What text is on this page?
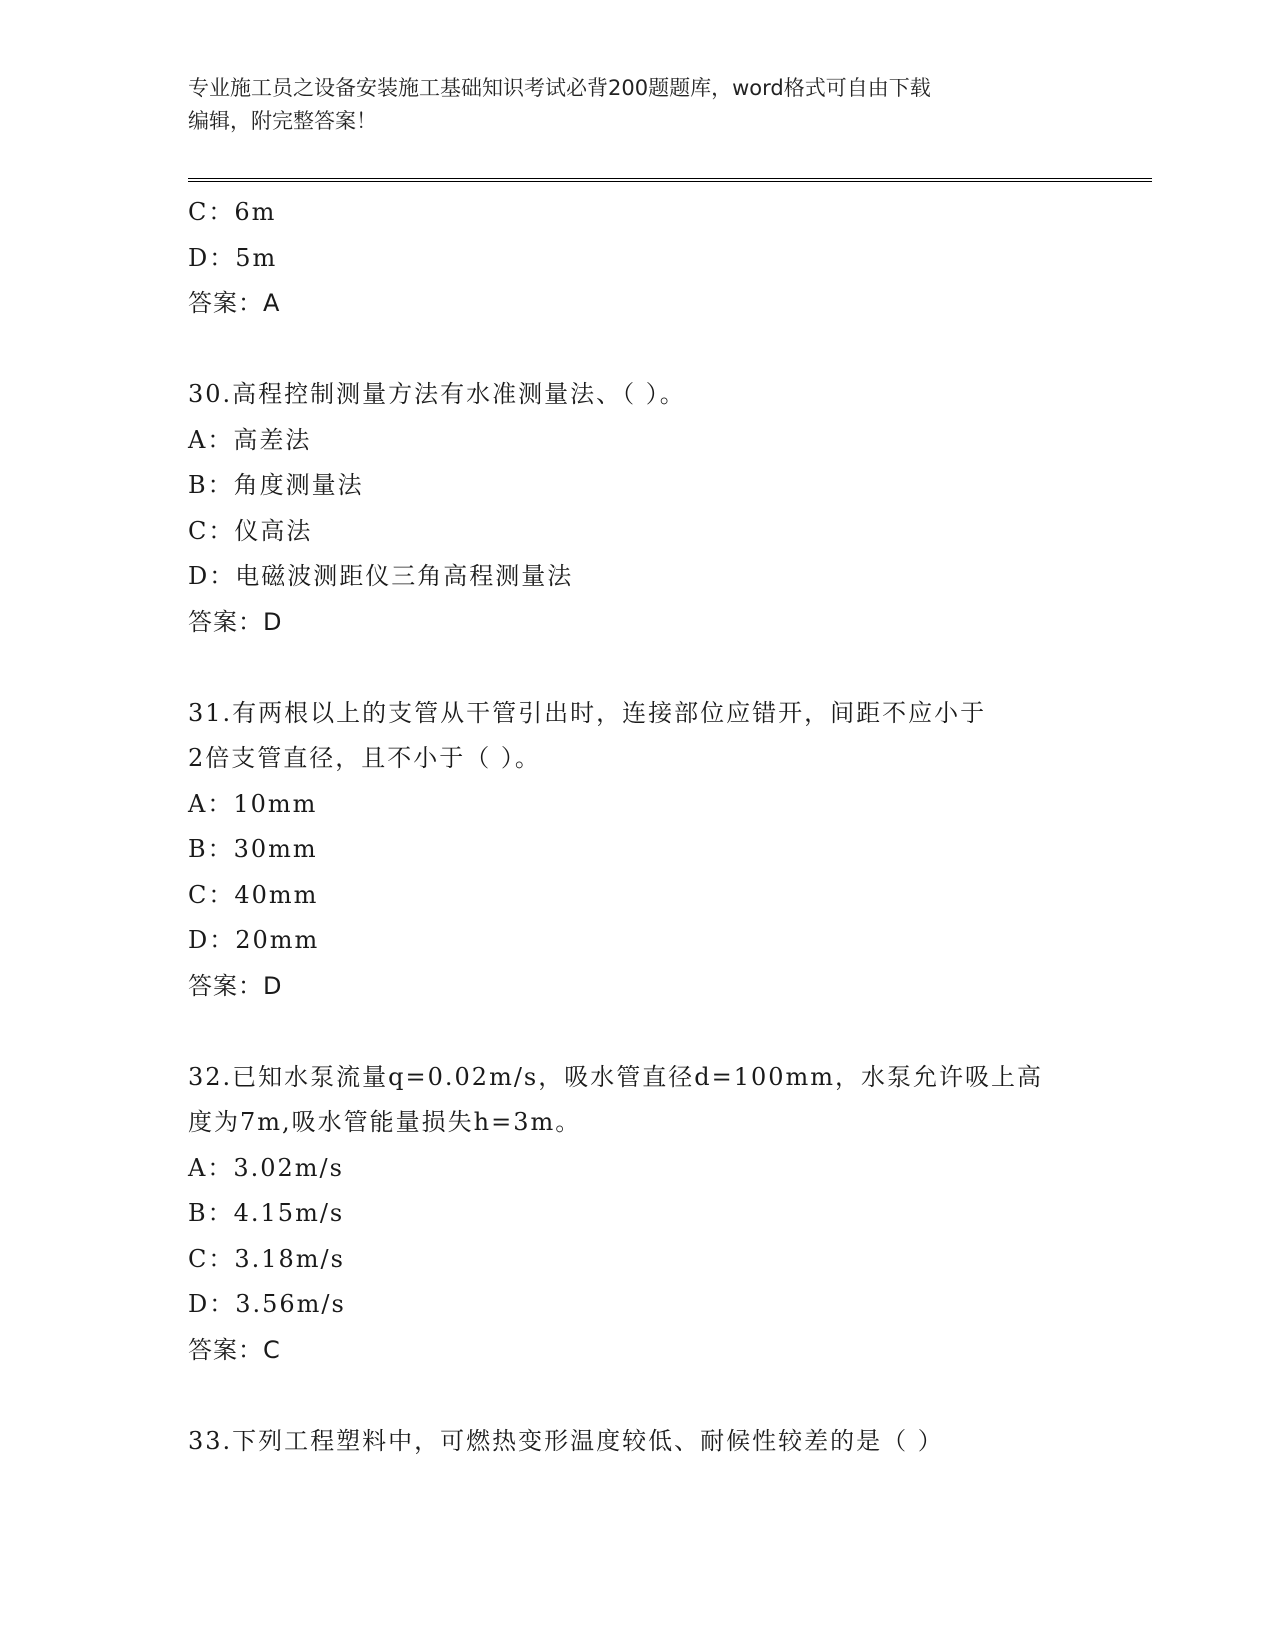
专业施工员之设备安装施工基础知识考试必背200题题库，word格式可自由下载
编辑，附完整答案！
C：6m
D：5m
答案：A
30.高程控制测量方法有水准测量法、（ ）。
A：高差法
B：角度测量法
C：仪高法
D：电磁波测距仪三角高程测量法
答案：D
31.有两根以上的支管从干管引出时，连接部位应错开，间距不应小于
2倍支管直径，且不小于（ ）。
A：10mm
B：30mm
C：40mm
D：20mm
答案：D
32.已知水泵流量q=0.02m/s，吸水管直径d=100mm，水泵允许吸上高
度为7m,吸水管能量损失h=3m。
A：3.02m/s
B：4.15m/s
C：3.18m/s
D：3.56m/s
答案：C
33.下列工程塑料中，可燃热变形温度较低、耐候性较差的是（ ）
